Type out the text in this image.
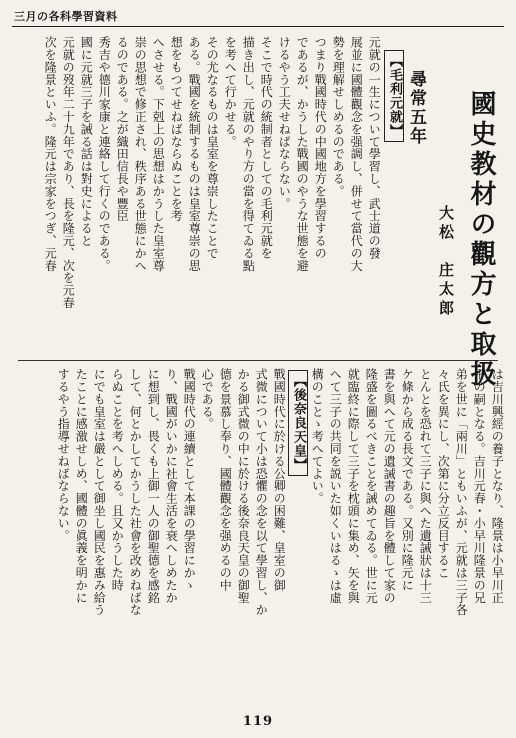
三月の各科學習資料
國史教材の觀方と取扱
大松　庄太郎
尋常五年
【毛利元就】
元就の一生について學習し、武士道の發
展並に國體觀念を强調し、併せて當代の大
勢を理解せしめるのである。
つまり戰國時代の中國地方を學習するの
であるが、かうした戰國のやうな世態を避
けるやう工夫せねばならない。
そこで時代の統制者としての毛利元就を
描き出し、元就のやり方の當を得てゐる點
を考へて行かせる。
その尤なるものは皇室を尊崇したことで
ある。戰國を統制するものは皇室尊崇の思
想をもつてせねばならぬことを考
へさせる。下剋上の思想はかうした皇室尊
崇の思想で修正され、秩序ある世態にかへ
るのである。之が織田信長や豐臣
秀吉や德川家康と連絡して行くのである。
國に元就三子を誡る話は對史によると
元就の歿年二十九年であり、長を隆元、次を元春
次を隆景といふ。隆元は宗家をつぎ、元春
は吉川興經の養子となり、隆景は小早川正
平の嗣となる。吉川元春・小早川隆景の兄
弟を世に「兩川」ともいふが、元就は三子各
々氏を異にし、次第に分立反目するこ
とんとを恐れて三子に與へた遺誡狀は十三
ケ條から成る長文である。又別に隆元に
書を與へて元の遺誡書の趣旨を體して家の
隆盛を圖るべきことを誡めてゐる。世に元
就臨終に際して三子を枕頭に集め、矢を與
へて三子の共同を説いた如くいはるゝは虛
構のことゝ考へてよい。
【後奈良天皇】
戰國時代に於ける公卿の困難、皇室の御
式微について小は恐懼の念を以て學習し、か
かる御式微の中に於ける後奈良天皇の御聖
德を景慕し奉り、國體觀念を强めるの中
心である。
戰國時代の連續として本課の學習にかゝ
り、戰國がいかに社會生活を衰へしめたか
に想到し、畏くも上御一人の御聖德を感銘
して、何とかしてかうした社會を改めねばな
らぬことを考へしめる。且又かうした時
にでも皇室は嚴として御坐し國民を惠み給う
たことに感激せしめ、國體の眞義を明かに
するやう指導せねばならない。
119
